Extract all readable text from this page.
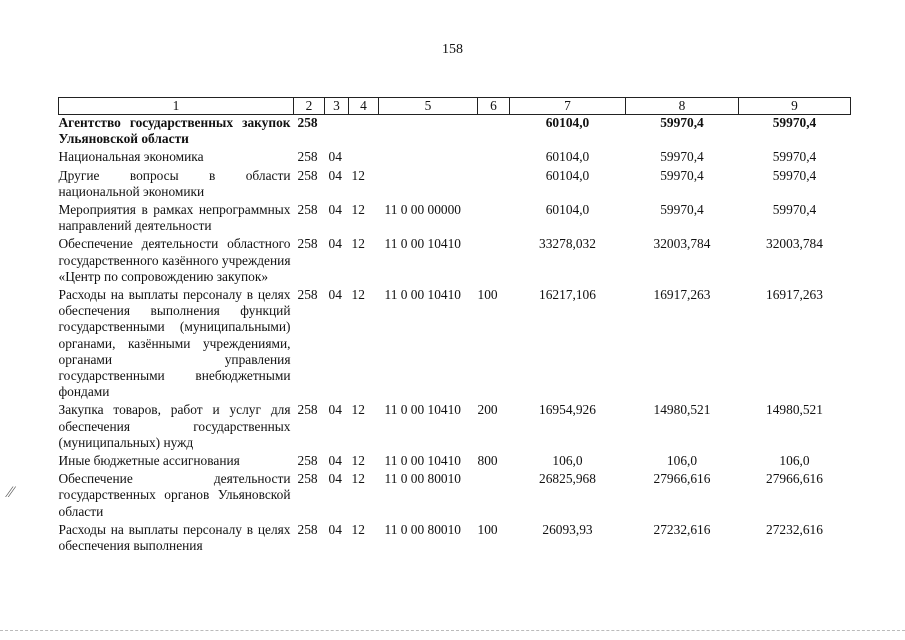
158
1	2	3	4	5	6	7	8	9
Агентство государственных закупок Ульяновской области	258					60104,0	59970,4	59970,4
Национальная экономика	258	04				60104,0	59970,4	59970,4
Другие вопросы в области национальной экономики	258	04	12			60104,0	59970,4	59970,4
Мероприятия в рамках непрограммных направлений деятельности	258	04	12	11 0 00 00000		60104,0	59970,4	59970,4
Обеспечение деятельности областного государственного казённого учреждения «Центр по сопровождению закупок»	258	04	12	11 0 00 10410		33278,032	32003,784	32003,784
Расходы на выплаты персоналу в целях обеспечения выполнения функций государственными (муниципальными) органами, казёнными учреждениями, органами управления государственными внебюджетными фондами	258	04	12	11 0 00 10410	100	16217,106	16917,263	16917,263
Закупка товаров, работ и услуг для обеспечения государственных (муниципальных) нужд	258	04	12	11 0 00 10410	200	16954,926	14980,521	14980,521
Иные бюджетные ассигнования	258	04	12	11 0 00 10410	800	106,0	106,0	106,0
Обеспечение деятельности государственных органов Ульяновской области	258	04	12	11 0 00 80010		26825,968	27966,616	27966,616
Расходы на выплаты персоналу в целях обеспечения выполнения	258	04	12	11 0 00 80010	100	26093,93	27232,616	27232,616
⁄⁄
